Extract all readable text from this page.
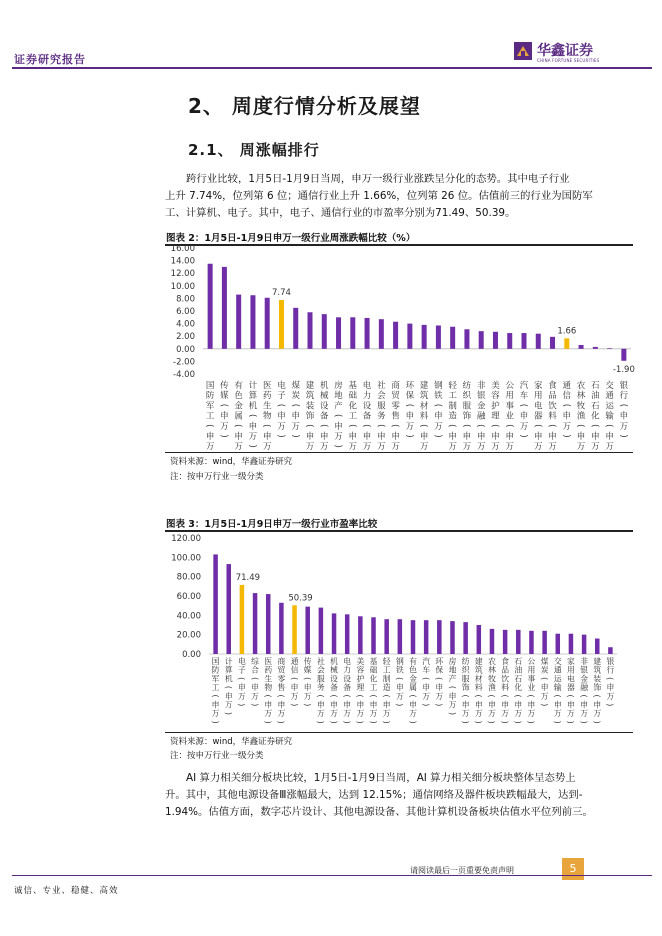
证券研究报告
华鑫证券
CHINA FORTUNE SECURITIES
2、 周度行情分析及展望
2.1、 周涨幅排行
跨行业比较，1月5日-1月9日当周，申万一级行业涨跌呈分化的态势。其中电子行业
上升 7.74%，位列第 6 位；通信行业上升 1.66%，位列第 26 位。估值前三的行业为国防军
工、计算机、电子。其中，电子、通信行业的市盈率分别为71.49、50.39。
图表 2：1月5日-1月9日申万一级行业周涨跌幅比较（%）
-4.00
-2.00
0.00
2.00
4.00
6.00
8.00
10.00
12.00
14.00
16.00
国
防
军
工
(
申
万
传
媒
(
申
万
)
有
色
金
属
(
申
万
计
算
机
(
申
万
)
医
药
生
物
(
申
万
7.74
电
子
(
申
万
)
煤
炭
(
申
万
)
建
筑
装
饰
(
申
万
机
械
设
备
(
申
万
房
地
产
(
申
万
)
基
础
化
工
(
申
万
电
力
设
备
(
申
万
社
会
服
务
(
申
万
商
贸
零
售
(
申
万
环
保
(
申
万
)
建
筑
材
料
(
申
万
钢
铁
(
申
万
)
轻
工
制
造
(
申
万
纺
织
服
饰
(
申
万
非
银
金
融
(
申
万
美
容
护
理
(
申
万
公
用
事
业
(
申
万
汽
车
(
申
万
)
家
用
电
器
(
申
万
食
品
饮
料
(
申
万
1.66
通
信
(
申
万
)
农
林
牧
渔
(
申
万
石
油
石
化
(
申
万
交
通
运
输
(
申
万
-1.90
银
行
(
申
万
)
资料来源：wind，华鑫证券研究
注：按申万行业一级分类
图表 3：1月5日-1月9日申万一级行业市盈率比较
0.00
20.00
40.00
60.00
80.00
100.00
120.00
国
防
军
工
(
申
万
)
计
算
机
(
申
万
)
71.49
电
子
(
申
万
)
综
合
(
申
万
)
医
药
生
物
(
申
万
)
商
贸
零
售
(
申
万
)
50.39
通
信
(
申
万
)
传
媒
(
申
万
)
社
会
服
务
(
申
万
)
机
械
设
备
(
申
万
)
电
力
设
备
(
申
万
)
美
容
护
理
(
申
万
)
基
础
化
工
(
申
万
)
轻
工
制
造
(
申
万
)
钢
铁
(
申
万
)
有
色
金
属
(
申
万
)
汽
车
(
申
万
)
环
保
(
申
万
)
房
地
产
(
申
万
)
纺
织
服
饰
(
申
万
)
建
筑
材
料
(
申
万
)
农
林
牧
渔
(
申
万
)
食
品
饮
料
(
申
万
)
石
油
石
化
(
申
万
)
公
用
事
业
(
申
万
)
煤
炭
(
申
万
)
交
通
运
输
(
申
万
)
家
用
电
器
(
申
万
)
非
银
金
融
(
申
万
)
建
筑
装
饰
(
申
万
)
银
行
(
申
万
)
资料来源：wind，华鑫证券研究
注：按申万行业一级分类
AI 算力相关细分板块比较，1月5日-1月9日当周，AI 算力相关细分板块整体呈态势上
升。其中，其他电源设备Ⅲ涨幅最大，达到 12.15%；通信网络及器件板块跌幅最大，达到-
1.94%。估值方面，数字芯片设计、其他电源设备、其他计算机设备板块估值水平位列前三。
请阅读最后一页重要免责声明	5
诚信、专业、稳健、高效
